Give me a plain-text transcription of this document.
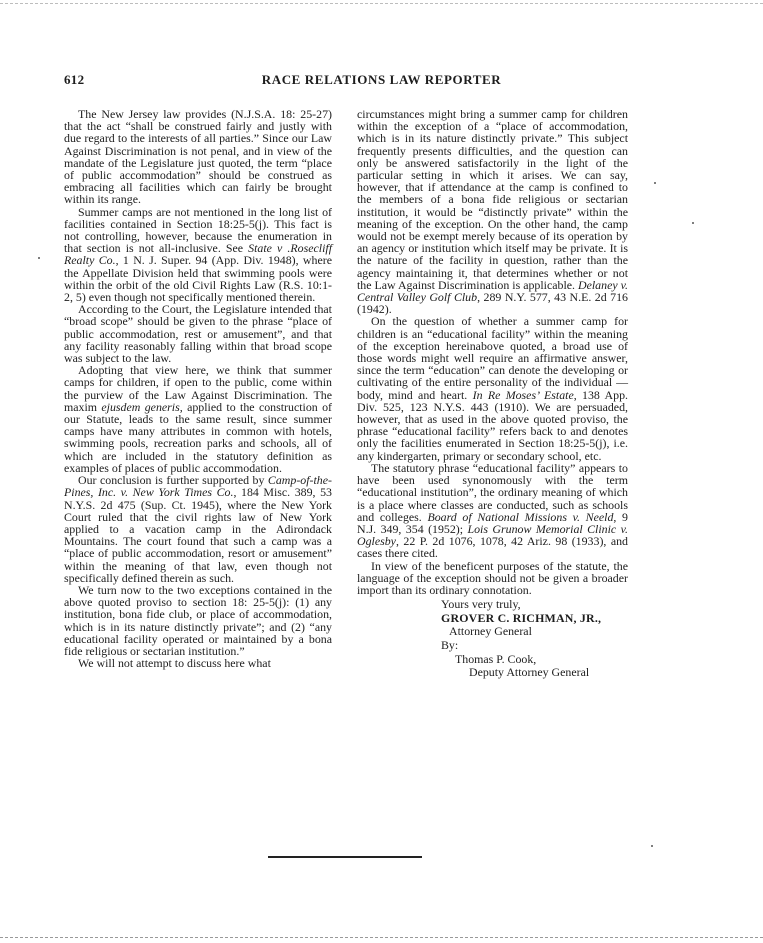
612	RACE RELATIONS LAW REPORTER

The New Jersey law provides (N.J.S.A. 18: 25-27) that the act “shall be construed fairly and justly with due regard to the interests of all parties.” Since our Law Against Discrimination is not penal, and in view of the mandate of the Legislature just quoted, the term “place of public accommodation” should be construed as embracing all facilities which can fairly be brought within its range.

Summer camps are not mentioned in the long list of facilities contained in Section 18:25-5(j). This fact is not controlling, however, because the enumeration in that section is not all-inclusive. See State v .Rosecliff Realty Co., 1 N. J. Super. 94 (App. Div. 1948), where the Appellate Division held that swimming pools were within the orbit of the old Civil Rights Law (R.S. 10:1-2, 5) even though not specifically mentioned therein.

According to the Court, the Legislature intended that “broad scope” should be given to the phrase “place of public accommodation, rest or amusement”, and that any facility reasonably falling within that broad scope was subject to the law.

Adopting that view here, we think that summer camps for children, if open to the public, come within the purview of the Law Against Discrimination. The maxim ejusdem generis, applied to the construction of our Statute, leads to the same result, since summer camps have many attributes in common with hotels, swimming pools, recreation parks and schools, all of which are included in the statutory definition as examples of places of public accommodation.

Our conclusion is further supported by Camp-of-the-Pines, Inc. v. New York Times Co., 184 Misc. 389, 53 N.Y.S. 2d 475 (Sup. Ct. 1945), where the New York Court ruled that the civil rights law of New York applied to a vacation camp in the Adirondack Mountains. The court found that such a camp was a “place of public accommodation, resort or amusement” within the meaning of that law, even though not specifically defined therein as such.

We turn now to the two exceptions contained in the above quoted proviso to section 18: 25-5(j): (1) any institution, bona fide club, or place of accommodation, which is in its nature distinctly private”; and (2) “any educational facility operated or maintained by a bona fide religious or sectarian institution.”

We will not attempt to discuss here what

circumstances might bring a summer camp for children within the exception of a “place of accommodation, which is in its nature distinctly private.” This subject frequently presents difficulties, and the question can only be answered satisfactorily in the light of the particular setting in which it arises. We can say, however, that if attendance at the camp is confined to the members of a bona fide religious or sectarian institution, it would be “distinctly private” within the meaning of the exception. On the other hand, the camp would not be exempt merely because of its operation by an agency or institution which itself may be private. It is the nature of the facility in question, rather than the agency maintaining it, that determines whether or not the Law Against Discrimination is applicable. Delaney v. Central Valley Golf Club, 289 N.Y. 577, 43 N.E. 2d 716 (1942).

On the question of whether a summer camp for children is an “educational facility” within the meaning of the exception hereinabove quoted, a broad use of those words might well require an affirmative answer, since the term “education” can denote the developing or cultivating of the entire personality of the individual —body, mind and heart. In Re Moses’ Estate, 138 App. Div. 525, 123 N.Y.S. 443 (1910). We are persuaded, however, that as used in the above quoted proviso, the phrase “educational facility” refers back to and denotes only the facilities enumerated in Section 18:25-5(j), i.e. any kindergarten, primary or secondary school, etc.

The statutory phrase “educational facility” appears to have been used synonomously with the term “educational institution”, the ordinary meaning of which is a place where classes are conducted, such as schools and colleges. Board of National Missions v. Neeld, 9 N.J. 349, 354 (1952); Lois Grunow Memorial Clinic v. Oglesby, 22 P. 2d 1076, 1078, 42 Ariz. 98 (1933), and cases there cited.

In view of the beneficent purposes of the statute, the language of the exception should not be given a broader import than its ordinary connotation.

Yours very truly,
GROVER C. RICHMAN, JR.,
Attorney General
By:
Thomas P. Cook,
Deputy Attorney General
